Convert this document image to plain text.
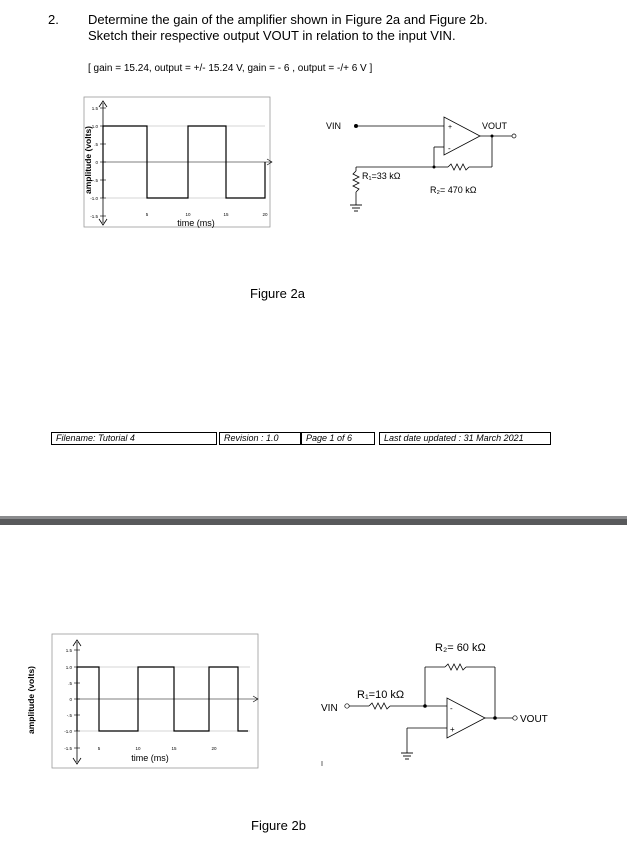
2. Determine the gain of the amplifier shown in Figure 2a and Figure 2b.
Sketch their respective output VOUT in relation to the input VIN.
[ gain = 15.24, output = +/- 15.24 V, gain = - 6 , output = -/+ 6 V ]
amplitude (volts)
1.5
1.0
.5
0
-.5
-1.0
-1.5	5	10	15	20
time (ms)
VIN	+
-
VOUT
R₂= 470 kΩ
R₁=33 kΩ
Figure 2a
Filename: Tutorial 4	Revision : 1.0	Page 1 of 6	Last date updated : 31 March 2021
amplitude (volts)
1.5
1.0
.5
0
-.5
-1.0
-1.5	5	10	15	20
time (ms)
R₂= 60 kΩ
VIN
R₁=10 kΩ
-
+
VOUT
Figure 2b
